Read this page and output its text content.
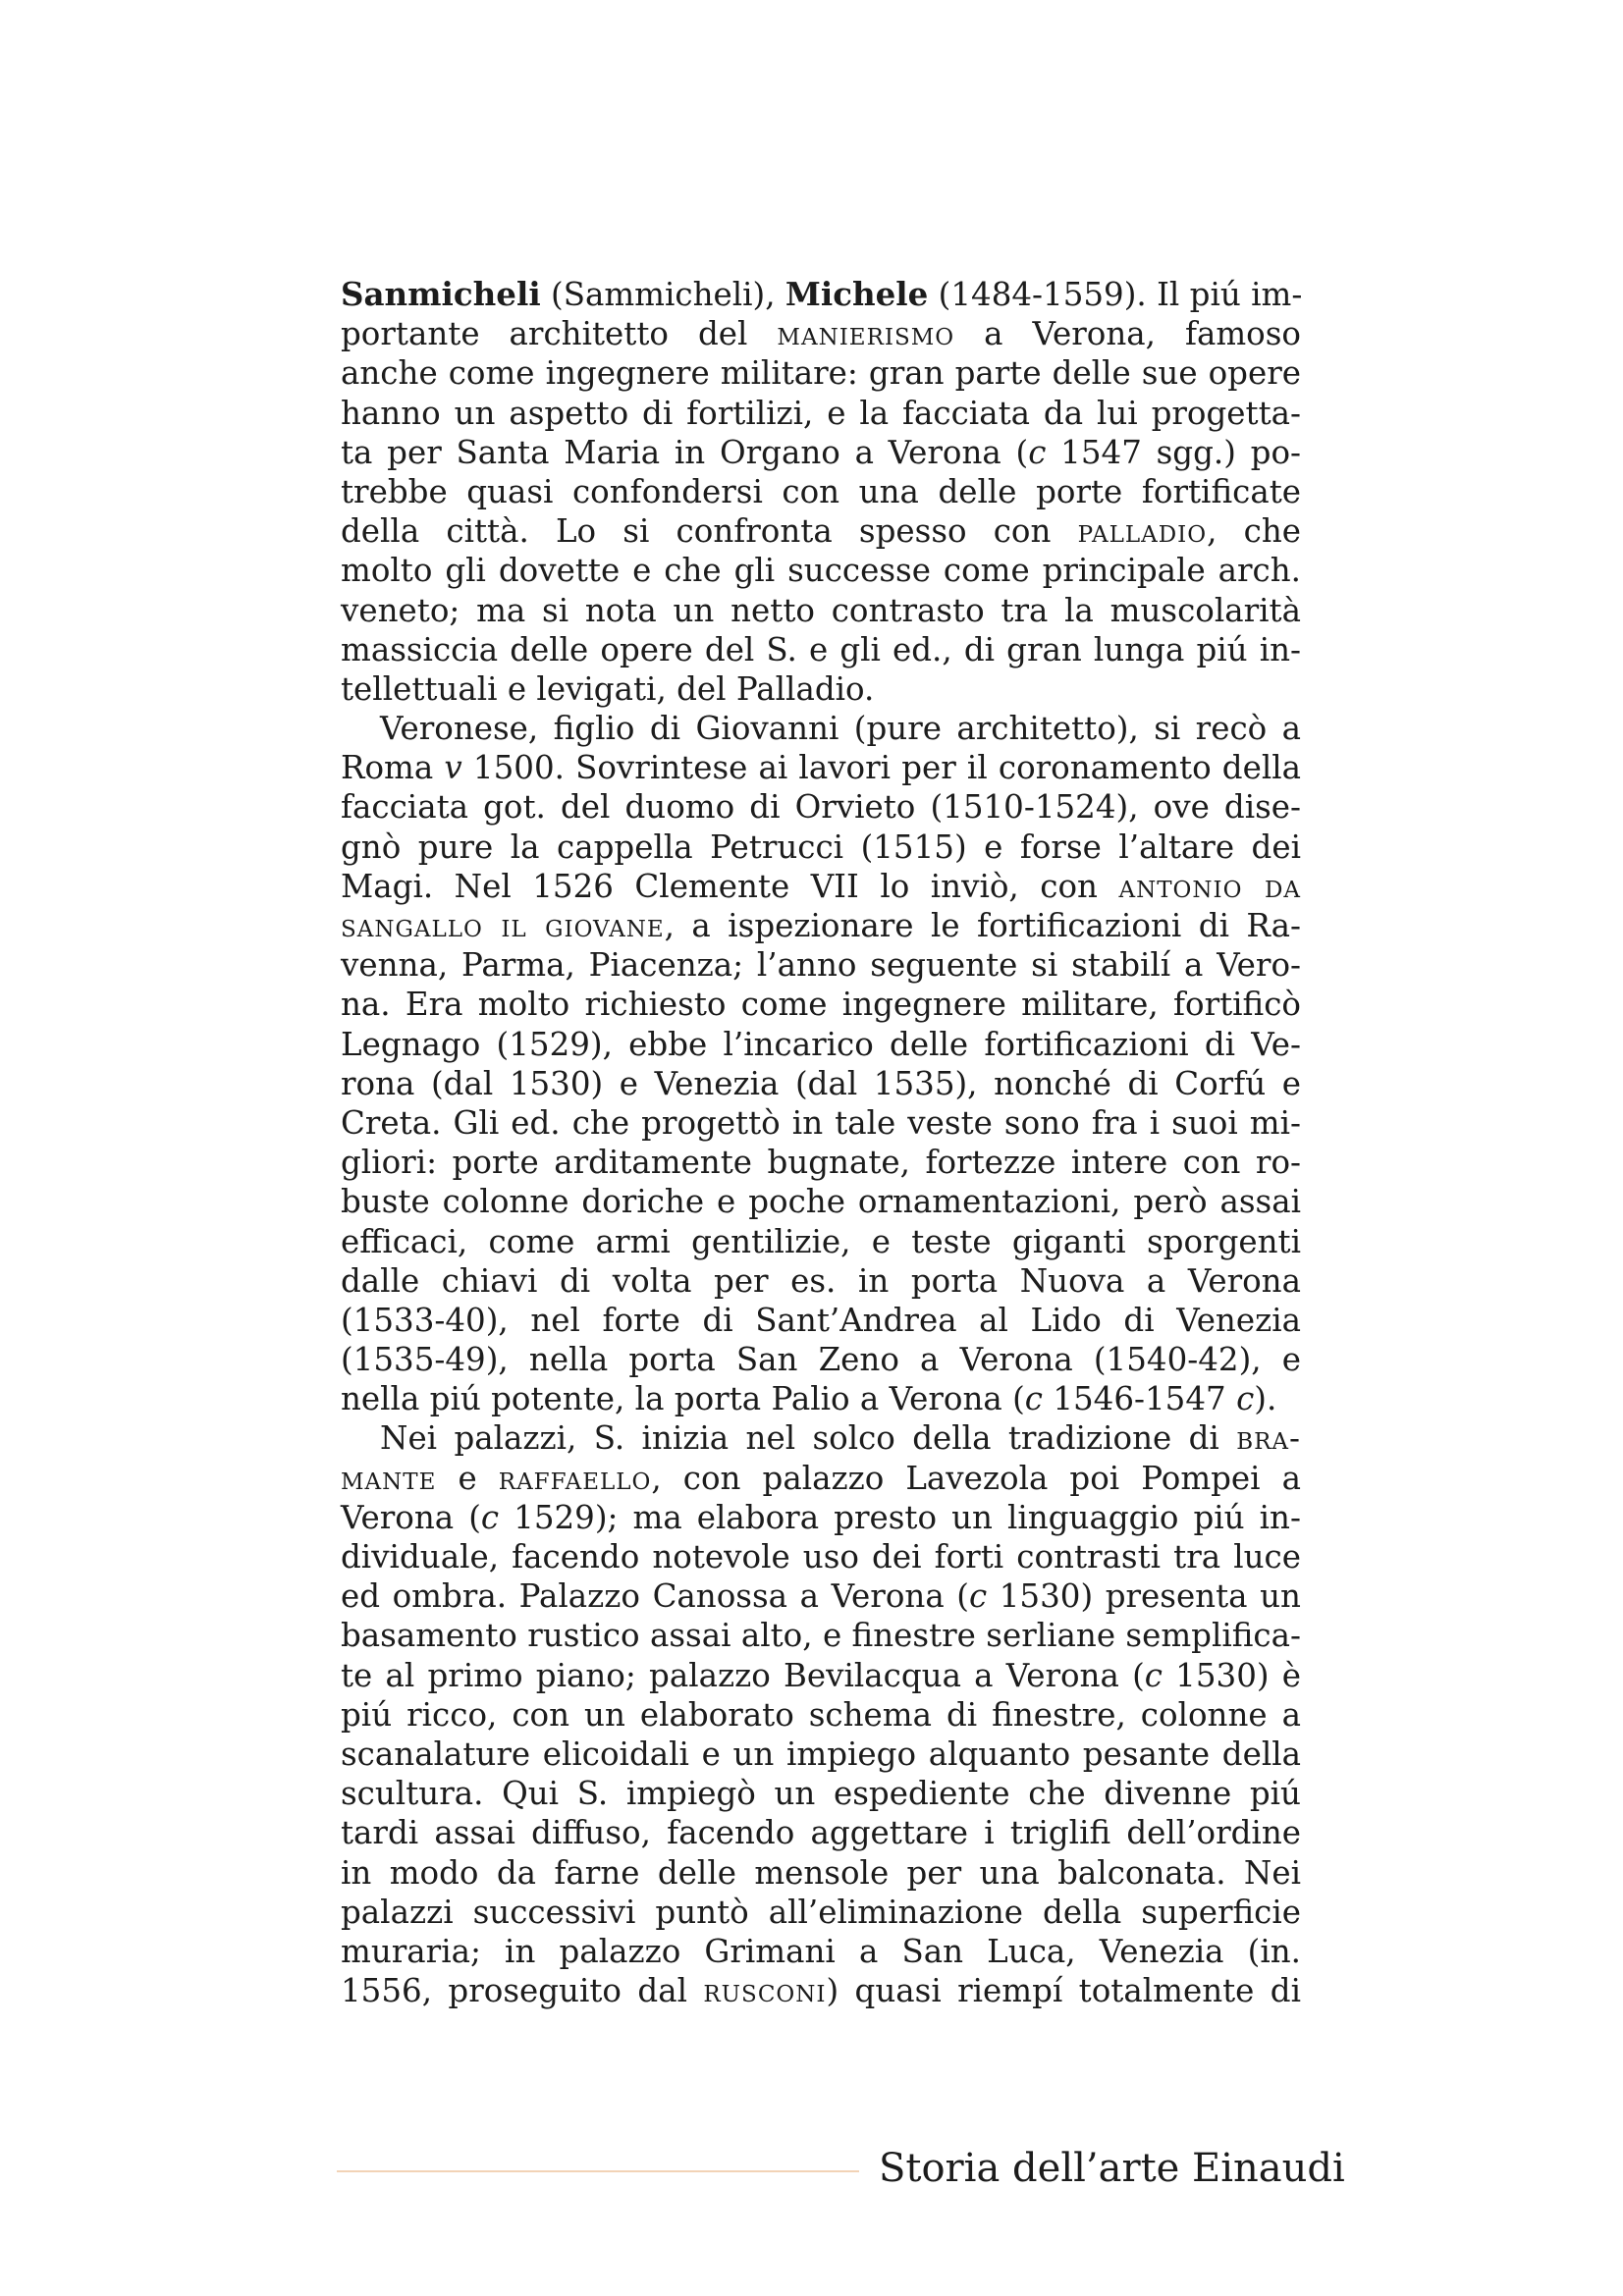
Sanmicheli (Sammicheli), Michele (1484-1559). Il piú im-
portante architetto del manierismo a Verona, famoso
anche come ingegnere militare: gran parte delle sue opere
hanno un aspetto di fortilizi, e la facciata da lui progetta-
ta per Santa Maria in Organo a Verona (c 1547 sgg.) po-
trebbe quasi confondersi con una delle porte fortificate
della città. Lo si confronta spesso con palladio, che
molto gli dovette e che gli successe come principale arch.
veneto; ma si nota un netto contrasto tra la muscolarità
massiccia delle opere del S. e gli ed., di gran lunga piú in-
tellettuali e levigati, del Palladio.
Veronese, figlio di Giovanni (pure architetto), si recò a
Roma v 1500. Sovrintese ai lavori per il coronamento della
facciata got. del duomo di Orvieto (1510-1524), ove dise-
gnò pure la cappella Petrucci (1515) e forse l’altare dei
Magi. Nel 1526 Clemente VII lo inviò, con antonio da
sangallo il giovane, a ispezionare le fortificazioni di Ra-
venna, Parma, Piacenza; l’anno seguente si stabilí a Vero-
na. Era molto richiesto come ingegnere militare, fortificò
Legnago (1529), ebbe l’incarico delle fortificazioni di Ve-
rona (dal 1530) e Venezia (dal 1535), nonché di Corfú e
Creta. Gli ed. che progettò in tale veste sono fra i suoi mi-
gliori: porte arditamente bugnate, fortezze intere con ro-
buste colonne doriche e poche ornamentazioni, però assai
efficaci, come armi gentilizie, e teste giganti sporgenti
dalle chiavi di volta per es. in porta Nuova a Verona
(1533-40), nel forte di Sant’Andrea al Lido di Venezia
(1535-49), nella porta San Zeno a Verona (1540-42), e
nella piú potente, la porta Palio a Verona (c 1546-1547 c).
Nei palazzi, S. inizia nel solco della tradizione di bra-
mante e raffaello, con palazzo Lavezola poi Pompei a
Verona (c 1529); ma elabora presto un linguaggio piú in-
dividuale, facendo notevole uso dei forti contrasti tra luce
ed ombra. Palazzo Canossa a Verona (c 1530) presenta un
basamento rustico assai alto, e finestre serliane semplifica-
te al primo piano; palazzo Bevilacqua a Verona (c 1530) è
piú ricco, con un elaborato schema di finestre, colonne a
scanalature elicoidali e un impiego alquanto pesante della
scultura. Qui S. impiegò un espediente che divenne piú
tardi assai diffuso, facendo aggettare i triglifi dell’ordine
in modo da farne delle mensole per una balconata. Nei
palazzi successivi puntò all’eliminazione della superficie
muraria; in palazzo Grimani a San Luca, Venezia (in.
1556, proseguito dal rusconi) quasi riempí totalmente di
Storia dell’arte Einaudi
